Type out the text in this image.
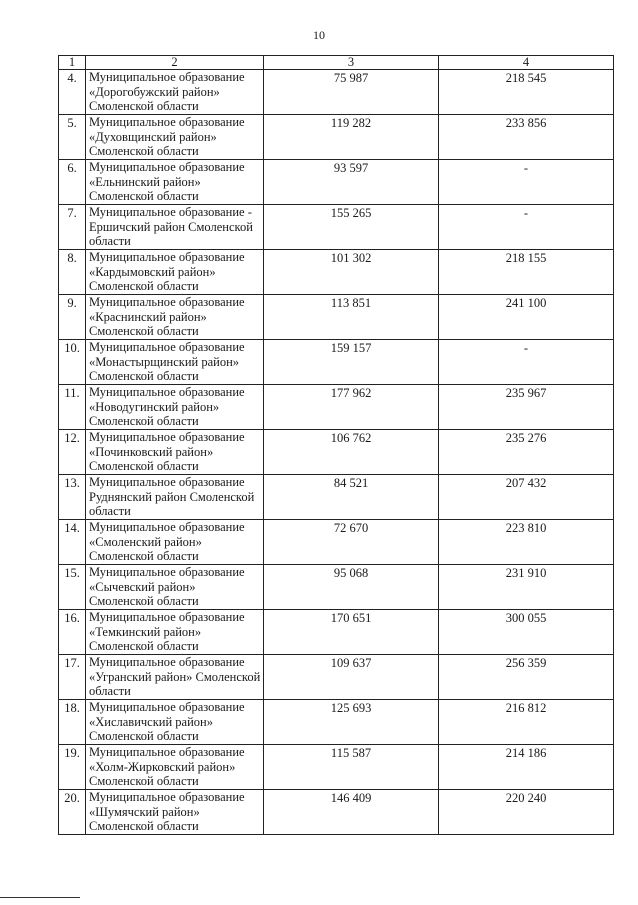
10
1	2	3	4
4.	Муниципальное образование «Дорогобужский район» Смоленской области	75 987	218 545
5.	Муниципальное образование «Духовщинский район» Смоленской области	119 282	233 856
6.	Муниципальное образование «Ельнинский район» Смоленской области	93 597	-
7.	Муниципальное образование - Ершичский район Смоленской области	155 265	-
8.	Муниципальное образование «Кардымовский район» Смоленской области	101 302	218 155
9.	Муниципальное образование «Краснинский район» Смоленской области	113 851	241 100
10.	Муниципальное образование «Монастырщинский район» Смоленской области	159 157	-
11.	Муниципальное образование «Новодугинский район» Смоленской области	177 962	235 967
12.	Муниципальное образование «Починковский район» Смоленской области	106 762	235 276
13.	Муниципальное образование Руднянский район Смоленской области	84 521	207 432
14.	Муниципальное образование «Смоленский район» Смоленской области	72 670	223 810
15.	Муниципальное образование «Сычевский район» Смоленской области	95 068	231 910
16.	Муниципальное образование «Темкинский район» Смоленской области	170 651	300 055
17.	Муниципальное образование «Угранский район» Смоленской области	109 637	256 359
18.	Муниципальное образование «Хиславичский район» Смоленской области	125 693	216 812
19.	Муниципальное образование «Холм-Жирковский район» Смоленской области	115 587	214 186
20.	Муниципальное образование «Шумячский район» Смоленской области	146 409	220 240
